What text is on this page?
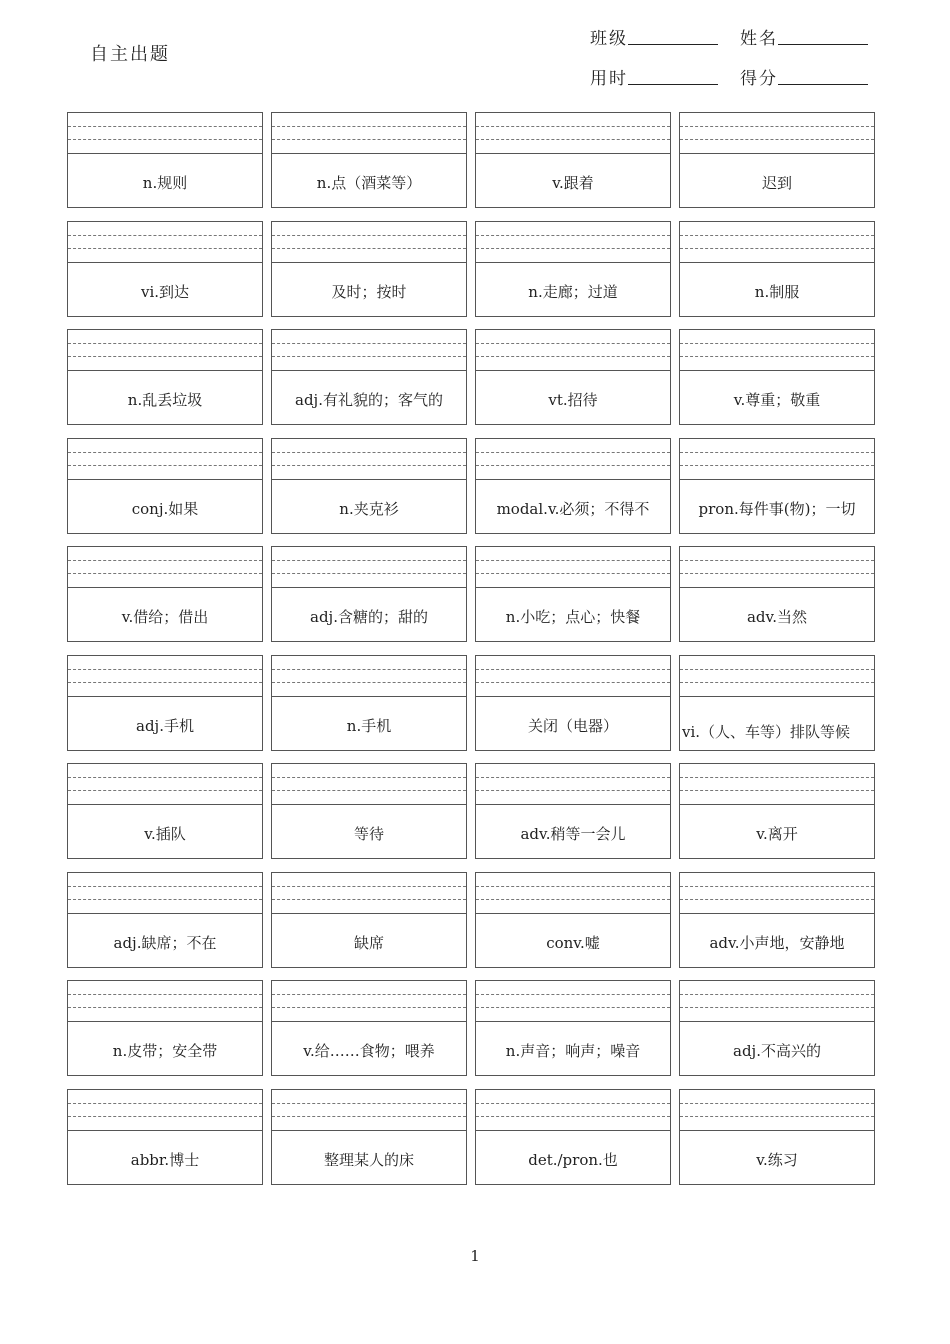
自主出题
班级	姓名
用时	得分
n.规则	n.点（酒菜等）	v.跟着	迟到
vi.到达	及时；按时	n.走廊；过道	n.制服
n.乱丢垃圾	adj.有礼貌的；客气的	vt.招待	v.尊重；敬重
conj.如果	n.夹克衫	modal.v.必须；不得不	pron.每件事(物)；一切
v.借给；借出	adj.含糖的；甜的	n.小吃；点心；快餐	adv.当然
adj.手机	n.手机	关闭（电器）	vi.（人、车等）排队等候
v.插队	等待	adv.稍等一会儿	v.离开
adj.缺席；不在	缺席	conv.嘘	adv.小声地，安静地
n.皮带；安全带	v.给……食物；喂养	n.声音；响声；噪音	adj.不高兴的
abbr.博士	整理某人的床	det./pron.也	v.练习
1
